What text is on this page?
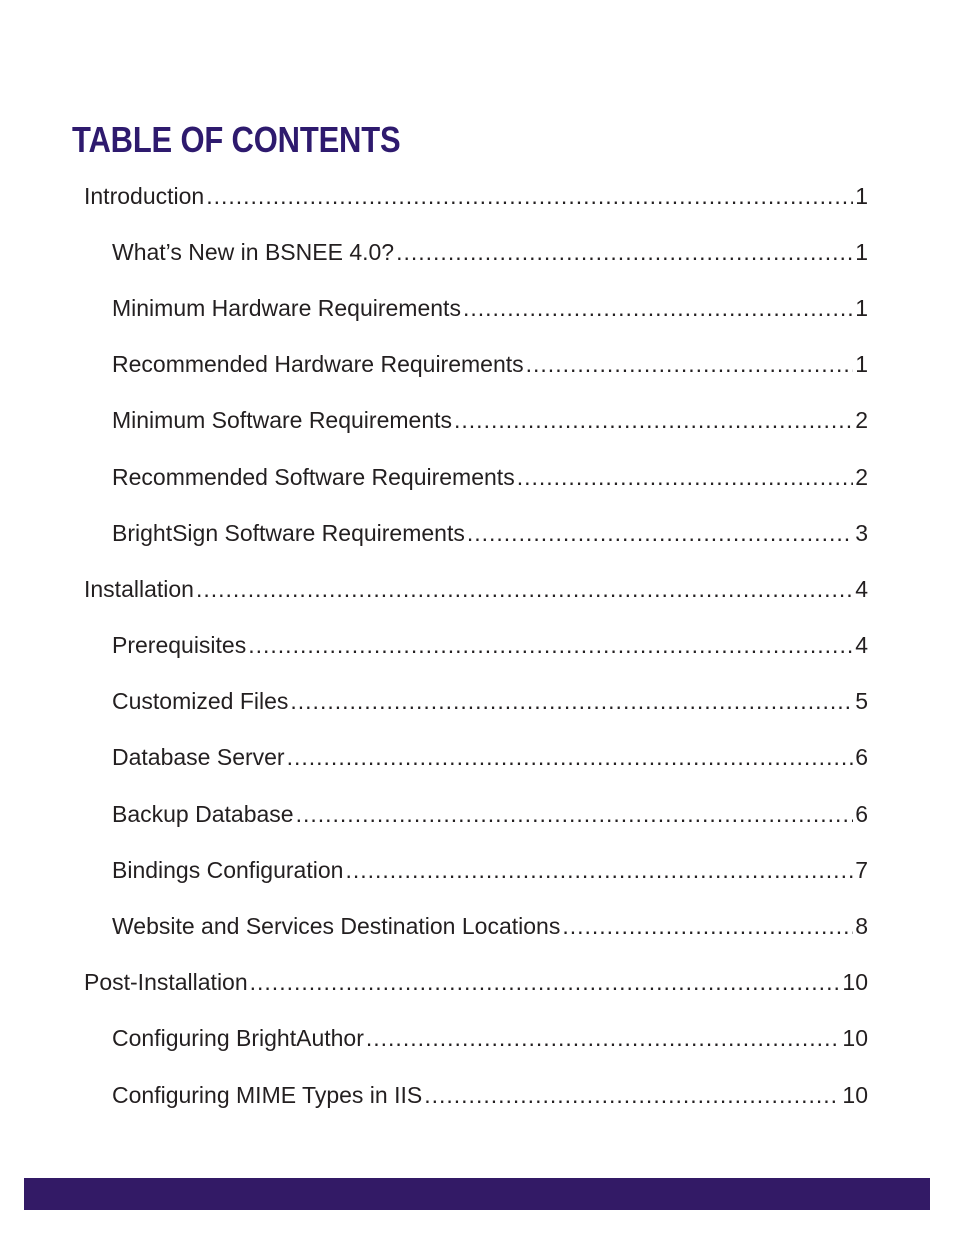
TABLE OF CONTENTS
Introduction .....	1
What’s New in BSNEE 4.0? .....	1
Minimum Hardware Requirements .....	1
Recommended Hardware Requirements .....	1
Minimum Software Requirements .....	2
Recommended Software Requirements .....	2
BrightSign Software Requirements .....	3
Installation .....	4
Prerequisites .....	4
Customized Files .....	5
Database Server .....	6
Backup Database .....	6
Bindings Configuration .....	7
Website and Services Destination Locations .....	8
Post-Installation .....	10
Configuring BrightAuthor .....	10
Configuring MIME Types in IIS .....	10
